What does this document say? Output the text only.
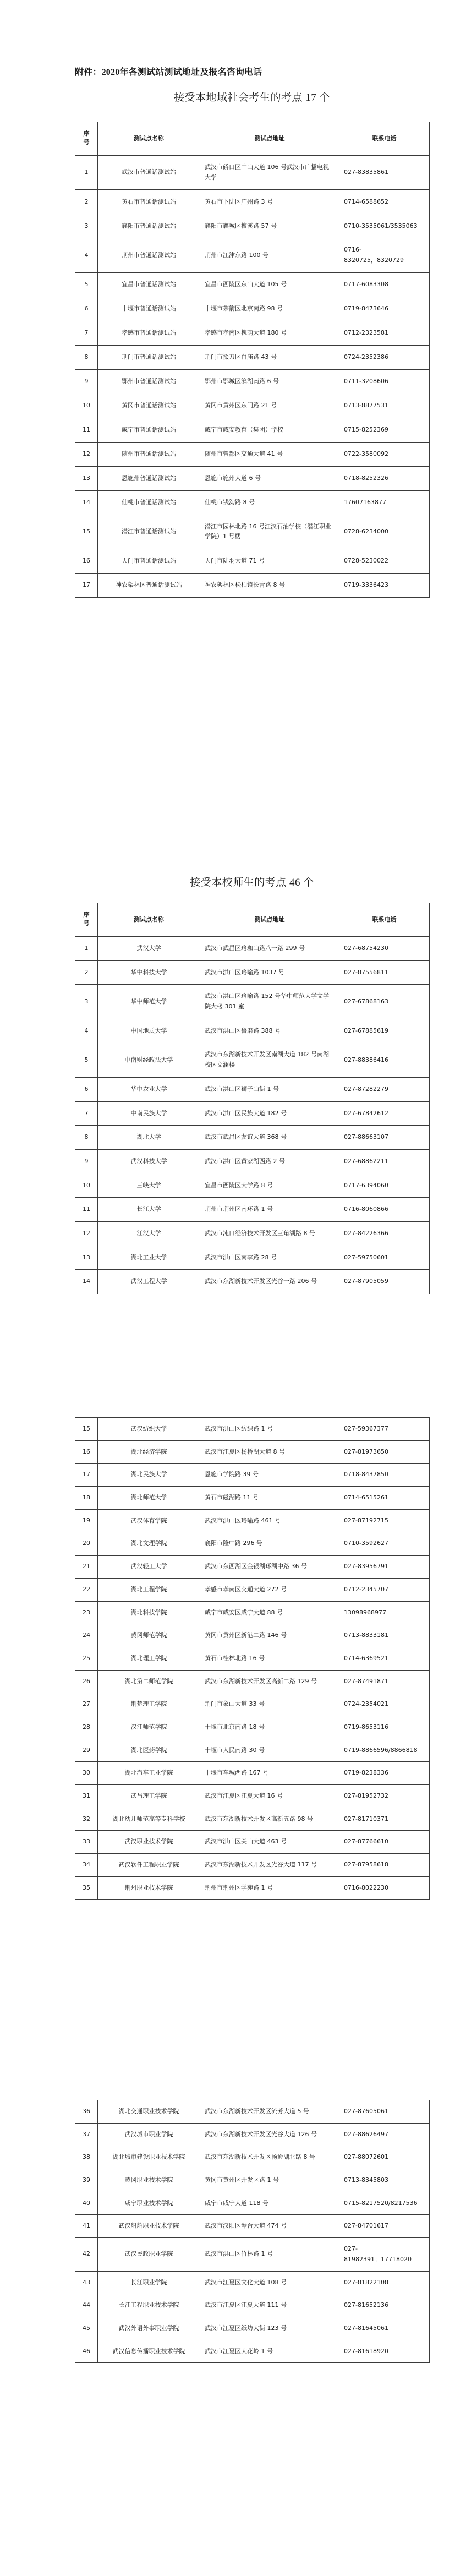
附件：2020年各测试站测试地址及报名咨询电话
接受本地域社会考生的考点 17 个
序号	测试点名称	测试点地址	联系电话
1	武汉市普通话测试站	武汉市硚口区中山大道 106 号武汉市广播电视大学	027-83835861
2	黄石市普通话测试站	黄石市下陆区广州路 3 号	0714-6588652
3	襄阳市普通话测试站	襄阳市襄城区檀溪路 57 号	0710-3535061/3535063
4	荆州市普通话测试站	荆州市江津东路 100 号	0716-
8320725，8320729
5	宜昌市普通话测试站	宜昌市西陵区东山大道 105 号	0717-6083308
6	十堰市普通话测试站	十堰市茅箭区北京南路 98 号	0719-8473646
7	孝感市普通话测试站	孝感市孝南区槐荫大道 180 号	0712-2323581
8	荆门市普通话测试站	荆门市掇刀区白庙路 43 号	0724-2352386
9	鄂州市普通话测试站	鄂州市鄂城区滨湖南路 6 号	0711-3208606
10	黄冈市普通话测试站	黄冈市黄州区东门路 21 号	0713-8877531
11	咸宁市普通话测试站	咸宁市咸安教育（集团）学校	0715-8252369
12	随州市普通话测试站	随州市曾都区交通大道 41 号	0722-3580092
13	恩施州普通话测试站	恩施市施州大道 6 号	0718-8252326
14	仙桃市普通话测试站	仙桃市钱沟路 8 号	17607163877
15	潜江市普通话测试站	潜江市园林北路 16 号江汉石油学校（潜江职业学院）1 号楼	0728-6234000
16	天门市普通话测试站	天门市陆羽大道 71 号	0728-5230022
17	神农架林区普通话测试站	神农架林区松柏镇长青路 8 号	0719-3336423
接受本校师生的考点 46 个
序号	测试点名称	测试点地址	联系电话
1	武汉大学	武汉市武昌区珞珈山路八一路 299 号	027-68754230
2	华中科技大学	武汉市洪山区珞喻路 1037 号	027-87556811
3	华中师范大学	武汉市洪山区珞喻路 152 号华中师范大学文学院大楼 301 室	027-67868163
4	中国地质大学	武汉市洪山区鲁磨路 388 号	027-67885619
5	中南财经政法大学	武汉市东湖新技术开发区南湖大道 182 号南湖校区文澜楼	027-88386416
6	华中农业大学	武汉市洪山区狮子山街 1 号	027-87282279
7	中南民族大学	武汉市洪山区民族大道 182 号	027-67842612
8	湖北大学	武汉市武昌区友谊大道 368 号	027-88663107
9	武汉科技大学	武汉市洪山区黄家湖西路 2 号	027-68862211
10	三峡大学	宜昌市西陵区大学路 8 号	0717-6394060
11	长江大学	荆州市荆州区南环路 1 号	0716-8060866
12	江汉大学	武汉市沌口经济技术开发区三角湖路 8 号	027-84226366
13	湖北工业大学	武汉市洪山区南李路 28 号	027-59750601
14	武汉工程大学	武汉市东湖新技术开发区光谷一路 206 号	027-87905059
15	武汉纺织大学	武汉市洪山区纺织路 1 号	027-59367377
16	湖北经济学院	武汉市江夏区杨桥湖大道 8 号	027-81973650
17	湖北民族大学	恩施市学院路 39 号	0718-8437850
18	湖北师范大学	黄石市磁湖路 11 号	0714-6515261
19	武汉体育学院	武汉市洪山区珞喻路 461 号	027-87192715
20	湖北文理学院	襄阳市隆中路 296 号	0710-3592627
21	武汉轻工大学	武汉市东西湖区金银湖环湖中路 36 号	027-83956791
22	湖北工程学院	孝感市孝南区交通大道 272 号	0712-2345707
23	湖北科技学院	咸宁市咸安区咸宁大道 88 号	13098968977
24	黄冈师范学院	黄冈市黄州区新港二路 146 号	0713-8833181
25	湖北理工学院	黄石市桂林北路 16 号	0714-6369521
26	湖北第二师范学院	武汉市东湖新技术开发区高新二路 129 号	027-87491871
27	荆楚理工学院	荆门市象山大道 33 号	0724-2354021
28	汉江师范学院	十堰市北京南路 18 号	0719-8653116
29	湖北医药学院	十堰市人民南路 30 号	0719-8866596/8866818
30	湖北汽车工业学院	十堰市车城西路 167 号	0719-8238336
31	武昌理工学院	武汉市江夏区江夏大道 16 号	027-81952732
32	湖北幼儿师范高等专科学校	武汉市东湖新技术开发区高新五路 98 号	027-81710371
33	武汉职业技术学院	武汉市洪山区关山大道 463 号	027-87766610
34	武汉软件工程职业学院	武汉市东湖新技术开发区光谷大道 117 号	027-87958618
35	荆州职业技术学院	荆州市荆州区学苑路 1 号	0716-8022230
36	湖北交通职业技术学院	武汉市东湖新技术开发区流芳大道 5 号	027-87605061
37	武汉城市职业学院	武汉市东湖新技术开发区光谷大道 126 号	027-88626497
38	湖北城市建设职业技术学院	武汉市东湖新技术开发区汤逊湖北路 8 号	027-88072601
39	黄冈职业技术学院	黄冈市黄州区开发区路 1 号	0713-8345803
40	咸宁职业技术学院	咸宁市咸宁大道 118 号	0715-8217520/8217536
41	武汉船舶职业技术学院	武汉市汉阳区琴台大道 474 号	027-84701617
42	武汉民政职业学院	武汉市洪山区竹林路 1 号	027-
81982391；17718020
43	长江职业学院	武汉市江夏区文化大道 108 号	027-81822108
44	长江工程职业技术学院	武汉市江夏区江夏大道 111 号	027-81652136
45	武汉外语外事职业学院	武汉市江夏区纸坊大街 123 号	027-81645061
46	武汉信息传播职业技术学院	武汉市江夏区大花岭 1 号	027-81618920
